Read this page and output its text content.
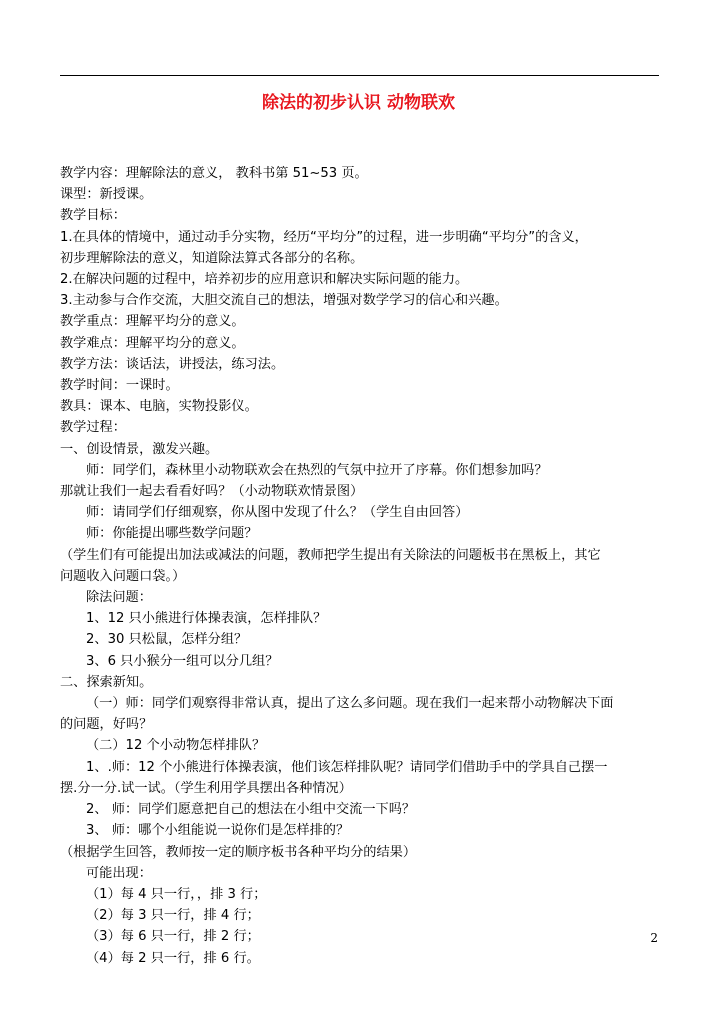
除法的初步认识 动物联欢
教学内容：理解除法的意义， 教科书第 51~53 页。
课型：新授课。
教学目标：
1.在具体的情境中，通过动手分实物，经历“平均分”的过程，进一步明确“平均分”的含义，
初步理解除法的意义，知道除法算式各部分的名称。
2.在解决问题的过程中，培养初步的应用意识和解决实际问题的能力。
3.主动参与合作交流，大胆交流自己的想法，增强对数学学习的信心和兴趣。
教学重点：理解平均分的意义。
教学难点：理解平均分的意义。
教学方法：谈话法，讲授法，练习法。
教学时间：一课时。
教具：课本、电脑，实物投影仪。
教学过程：
一、创设情景，激发兴趣。
师：同学们，森林里小动物联欢会在热烈的气氛中拉开了序幕。你们想参加吗？
那就让我们一起去看看好吗？（小动物联欢情景图）
师：请同学们仔细观察，你从图中发现了什么？（学生自由回答）
师：你能提出哪些数学问题？
（学生们有可能提出加法或减法的问题，教师把学生提出有关除法的问题板书在黑板上，其它
问题收入问题口袋。）
除法问题：
1、12 只小熊进行体操表演，怎样排队？
2、30 只松鼠，怎样分组？
3、6 只小猴分一组可以分几组？
二、探索新知。
（一）师：同学们观察得非常认真，提出了这么多问题。现在我们一起来帮小动物解决下面
的问题，好吗？
（二）12 个小动物怎样排队？
1、.师：12 个小熊进行体操表演，他们该怎样排队呢？请同学们借助手中的学具自己摆一
摆.分一分.试一试。（学生利用学具摆出各种情况）
2、 师：同学们愿意把自己的想法在小组中交流一下吗？
3、 师：哪个小组能说一说你们是怎样排的？
（根据学生回答，教师按一定的顺序板书各种平均分的结果）
可能出现：
（1）每 4 只一行，，排 3 行；
（2）每 3 只一行，排 4 行；
（3）每 6 只一行，排 2 行；
（4）每 2 只一行，排 6 行。
2
